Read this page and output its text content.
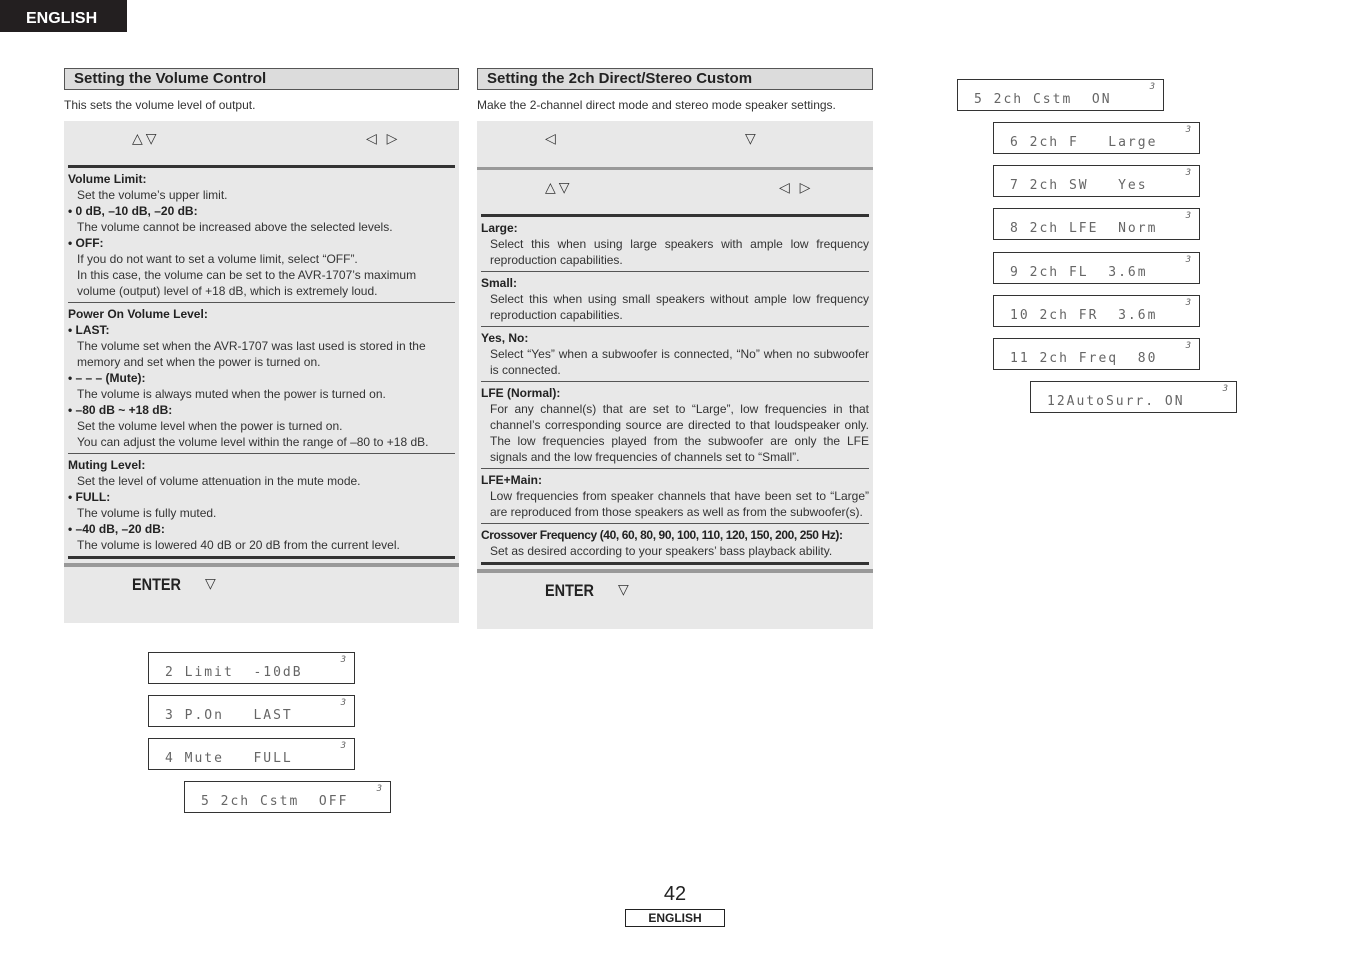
ENGLISH
Setting the Volume Control
This sets the volume level of output.
△▽	◁ ▷
Volume Limit:
Set the volume’s upper limit.
• 0 dB, –10 dB, –20 dB:
The volume cannot be increased above the selected levels.
• OFF:
If you do not want to set a volume limit, select “OFF”.
In this case, the volume can be set to the AVR-1707’s maximum volume (output) level of +18 dB, which is extremely loud.
Power On Volume Level:
• LAST:
The volume set when the AVR-1707 was last used is stored in the memory and set when the power is turned on.
• – – – (Mute):
The volume is always muted when the power is turned on.
• –80 dB ~ +18 dB:
Set the volume level when the power is turned on.
You can adjust the volume level within the range of –80 to +18 dB.
Muting Level:
Set the level of volume attenuation in the mute mode.
• FULL:
The volume is fully muted.
• –40 dB, –20 dB:
The volume is lowered 40 dB or 20 dB from the current level.
ENTER ▽
Setting the 2ch Direct/Stereo Custom
Make the 2-channel direct mode and stereo mode speaker settings.
◁	▽
△▽	◁ ▷
Large:
Select this when using large speakers with ample low frequency reproduction capabilities.
Small:
Select this when using small speakers without ample low frequency reproduction capabilities.
Yes, No:
Select “Yes” when a subwoofer is connected, “No” when no subwoofer is connected.
LFE (Normal):
For any channel(s) that are set to “Large”, low frequencies in that channel’s corresponding source are directed to that loudspeaker only. The low frequencies played from the subwoofer are only the LFE signals and the low frequencies of channels set to “Small”.
LFE+Main:
Low frequencies from speaker channels that have been set to “Large” are reproduced from those speakers as well as from the subwoofer(s).
Crossover Frequency (40, 60, 80, 90, 100, 110, 120, 150, 200, 250 Hz):
Set as desired according to your speakers’ bass playback ability.
ENTER ▽
2 Limit  -10dB
3
3 P.On   LAST
3
4 Mute   FULL
3
5 2ch Cstm  OFF
3
5 2ch Cstm  ON
3
6 2ch F   Large
3
7 2ch SW   Yes
3
8 2ch LFE  Norm
3
9 2ch FL  3.6m
3
10 2ch FR  3.6m
3
11 2ch Freq  80
3
12AutoSurr. ON
3
42
ENGLISH
